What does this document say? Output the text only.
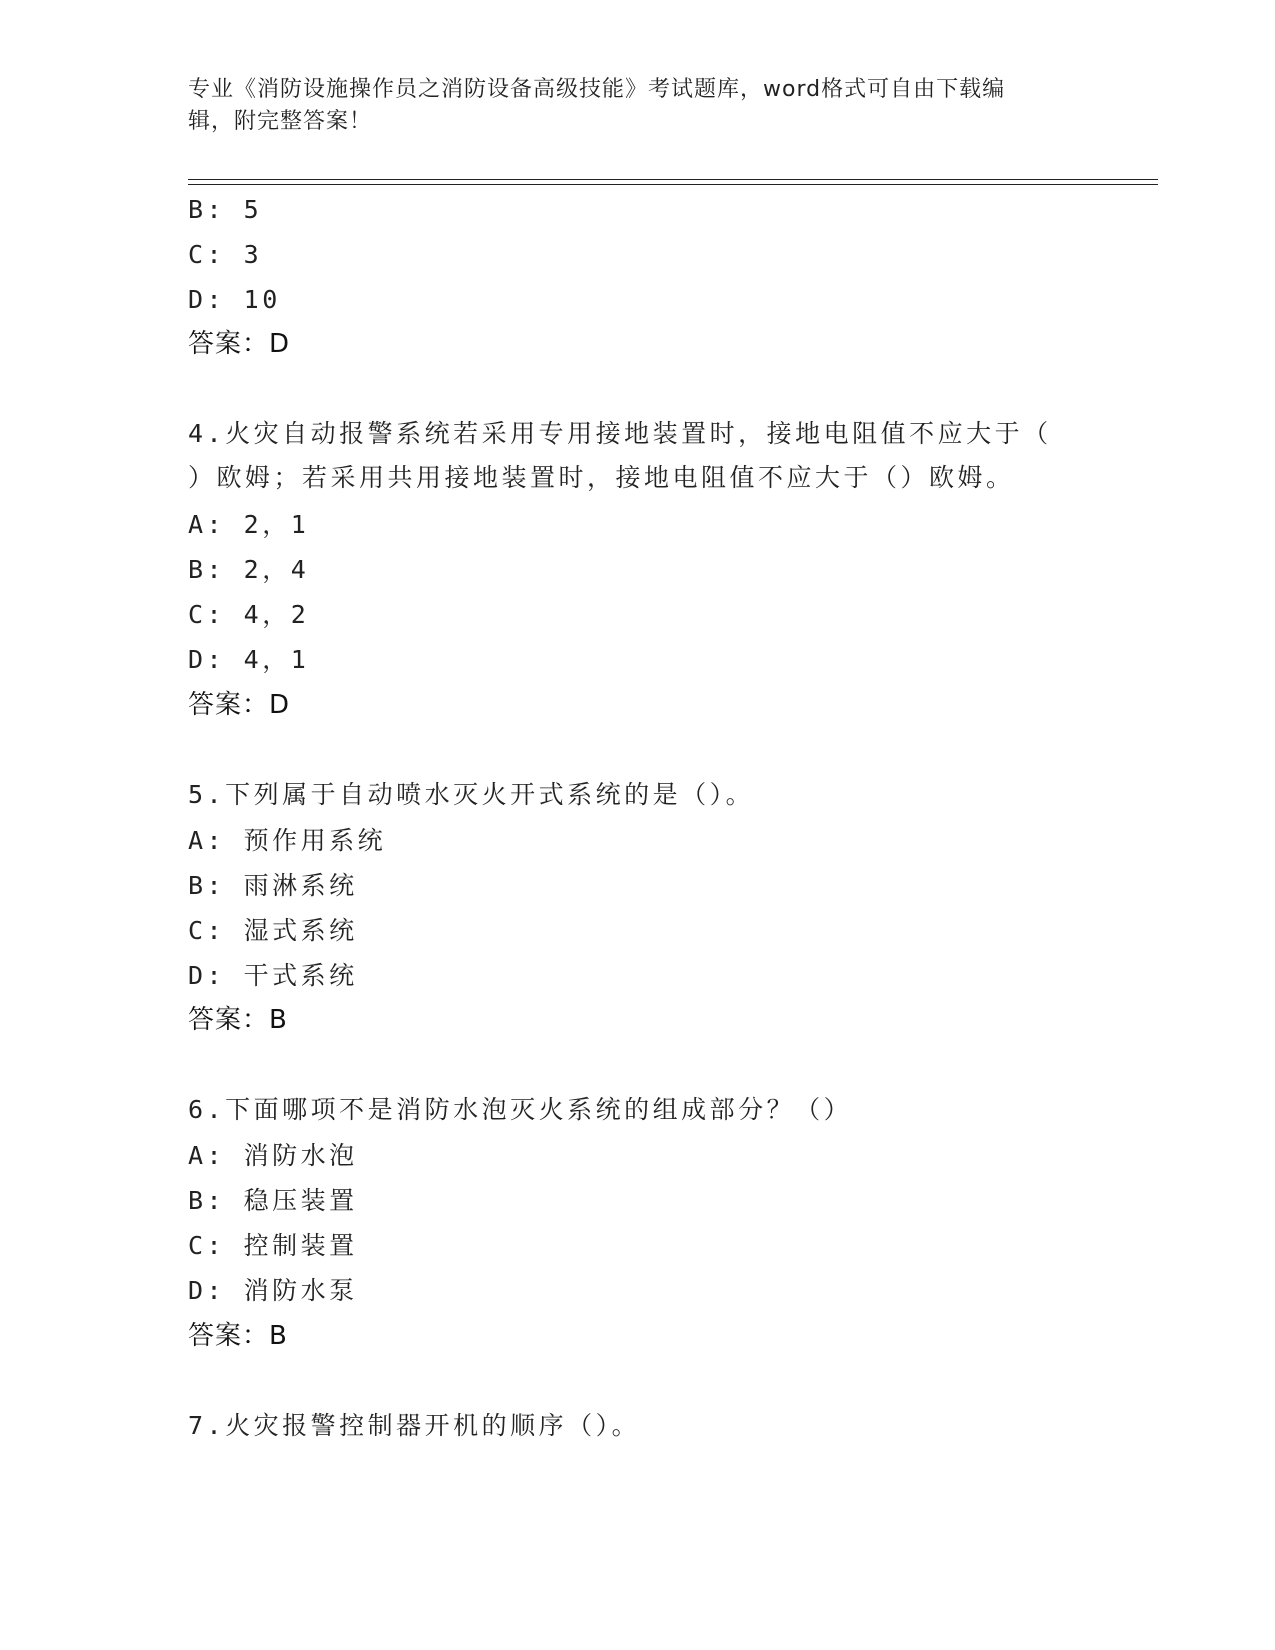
专业《消防设施操作员之消防设备高级技能》考试题库，word格式可自由下载编
辑，附完整答案！
B: 5
C: 3
D: 10
答案：D
4.火灾自动报警系统若采用专用接地装置时，接地电阻值不应大于（
）欧姆；若采用共用接地装置时，接地电阻值不应大于（）欧姆。
A: 2，1
B: 2，4
C: 4，2
D: 4，1
答案：D
5.下列属于自动喷水灭火开式系统的是（）。
A: 预作用系统
B: 雨淋系统
C: 湿式系统
D: 干式系统
答案：B
6.下面哪项不是消防水泡灭火系统的组成部分？（）
A: 消防水泡
B: 稳压装置
C: 控制装置
D: 消防水泵
答案：B
7.火灾报警控制器开机的顺序（）。
